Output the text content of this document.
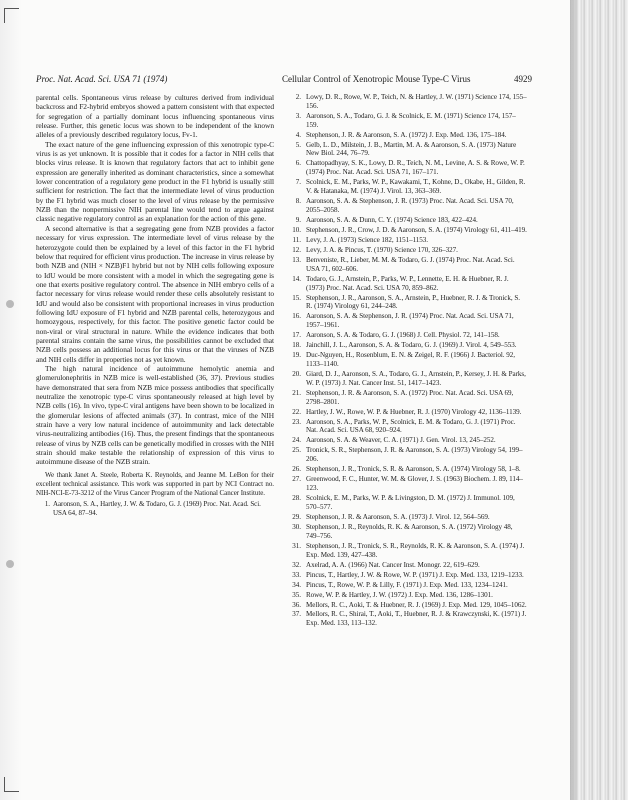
Proc. Nat. Acad. Sci. USA 71 (1974)	Cellular Control of Xenotropic Mouse Type-C Virus	4929

parental cells. Spontaneous virus release by cultures derived from individual backcross and F2-hybrid embryos showed a pattern consistent with that expected for segregation of a partially dominant locus influencing spontaneous virus release. Further, this genetic locus was shown to be independent of the known alleles of a previously described regulatory locus, Fv-1.

The exact nature of the gene influencing expression of this xenotropic type-C virus is as yet unknown. It is possible that it codes for a factor in NIH cells that blocks virus release. It is known that regulatory factors that act to inhibit gene expression are generally inherited as dominant characteristics, since a somewhat lower concentration of a regulatory gene product in the F1 hybrid is usually still sufficient for restriction. The fact that the intermediate level of virus production by the F1 hybrid was much closer to the level of virus release by the permissive NZB than the nonpermissive NIH parental line would tend to argue against classic negative regulatory control as an explanation for the action of this gene.

A second alternative is that a segregating gene from NZB provides a factor necessary for virus expression. The intermediate level of virus release by the heterozygote could then be explained by a level of this factor in the F1 hybrid below that required for efficient virus production. The increase in virus release by both NZB and (NIH × NZB)F1 hybrid but not by NIH cells following exposure to IdU would be more consistent with a model in which the segregating gene is one that exerts positive regulatory control. The absence in NIH embryo cells of a factor necessary for virus release would render these cells absolutely resistant to IdU and would also be consistent with proportional increases in virus production following IdU exposure of F1 hybrid and NZB parental cells, heterozygous and homozygous, respectively, for this factor. The positive genetic factor could be non-viral or viral structural in nature. While the evidence indicates that both parental strains contain the same virus, the possibilities cannot be excluded that NZB cells possess an additional locus for this virus or that the viruses of NZB and NIH cells differ in properties not as yet known.

The high natural incidence of autoimmune hemolytic anemia and glomerulonephritis in NZB mice is well-established (36, 37). Previous studies have demonstrated that sera from NZB mice possess antibodies that specifically neutralize the xenotropic type-C virus spontaneously released at high level by NZB cells (16). In vivo, type-C viral antigens have been shown to be localized in the glomerular lesions of affected animals (37). In contrast, mice of the NIH strain have a very low natural incidence of autoimmunity and lack detectable virus-neutralizing antibodies (16). Thus, the present findings that the spontaneous release of virus by NZB cells can be genetically modified in crosses with the NIH strain should make testable the relationship of expression of this virus to autoimmune disease of the NZB strain.

We thank Janet A. Steele, Roberta K. Reynolds, and Jeanne M. LeBon for their excellent technical assistance. This work was supported in part by NCI Contract no. NIH-NCI-E-73-3212 of the Virus Cancer Program of the National Cancer Institute.

1. Aaronson, S. A., Hartley, J. W. & Todaro, G. J. (1969) Proc. Nat. Acad. Sci. USA 64, 87–94.
2. Lowy, D. R., Rowe, W. P., Teich, N. & Hartley, J. W. (1971) Science 174, 155–156.
3. Aaronson, S. A., Todaro, G. J. & Scolnick, E. M. (1971) Science 174, 157–159.
4. Stephenson, J. R. & Aaronson, S. A. (1972) J. Exp. Med. 136, 175–184.
5. Gelb, L. D., Milstein, J. B., Martin, M. A. & Aaronson, S. A. (1973) Nature New Biol. 244, 76–79.
6. Chattopadhyay, S. K., Lowy, D. R., Teich, N. M., Levine, A. S. & Rowe, W. P. (1974) Proc. Nat. Acad. Sci. USA 71, 167–171.
7. Scolnick, E. M., Parks, W. P., Kawakami, T., Kohne, D., Okabe, H., Gilden, R. V. & Hatanaka, M. (1974) J. Virol. 13, 363–369.
8. Aaronson, S. A. & Stephenson, J. R. (1973) Proc. Nat. Acad. Sci. USA 70, 2055–2058.
9. Aaronson, S. A. & Dunn, C. Y. (1974) Science 183, 422–424.
10. Stephenson, J. R., Crow, J. D. & Aaronson, S. A. (1974) Virology 61, 411–419.
11. Levy, J. A. (1973) Science 182, 1151–1153.
12. Levy, J. A. & Pincus, T. (1970) Science 170, 326–327.
13. Benveniste, R., Lieber, M. M. & Todaro, G. J. (1974) Proc. Nat. Acad. Sci. USA 71, 602–606.
14. Todaro, G. J., Arnstein, P., Parks, W. P., Lennette, E. H. & Huebner, R. J. (1973) Proc. Nat. Acad. Sci. USA 70, 859–862.
15. Stephenson, J. R., Aaronson, S. A., Arnstein, P., Huebner, R. J. & Tronick, S. R. (1974) Virology 61, 244–248.
16. Aaronson, S. A. & Stephenson, J. R. (1974) Proc. Nat. Acad. Sci. USA 71, 1957–1961.
17. Aaronson, S. A. & Todaro, G. J. (1968) J. Cell. Physiol. 72, 141–158.
18. Jainchill, J. L., Aaronson, S. A. & Todaro, G. J. (1969) J. Virol. 4, 549–553.
19. Duc-Nguyen, H., Rosenblum, E. N. & Zeigel, R. F. (1966) J. Bacteriol. 92, 1133–1140.
20. Giard, D. J., Aaronson, S. A., Todaro, G. J., Arnstein, P., Kersey, J. H. & Parks, W. P. (1973) J. Nat. Cancer Inst. 51, 1417–1423.
21. Stephenson, J. R. & Aaronson, S. A. (1972) Proc. Nat. Acad. Sci. USA 69, 2798–2801.
22. Hartley, J. W., Rowe, W. P. & Huebner, R. J. (1970) Virology 42, 1136–1139.
23. Aaronson, S. A., Parks, W. P., Scolnick, E. M. & Todaro, G. J. (1971) Proc. Nat. Acad. Sci. USA 68, 920–924.
24. Aaronson, S. A. & Weaver, C. A. (1971) J. Gen. Virol. 13, 245–252.
25. Tronick, S. R., Stephenson, J. R. & Aaronson, S. A. (1973) Virology 54, 199–206.
26. Stephenson, J. R., Tronick, S. R. & Aaronson, S. A. (1974) Virology 58, 1–8.
27. Greenwood, F. C., Hunter, W. M. & Glover, J. S. (1963) Biochem. J. 89, 114–123.
28. Scolnick, E. M., Parks, W. P. & Livingston, D. M. (1972) J. Immunol. 109, 570–577.
29. Stephenson, J. R. & Aaronson, S. A. (1973) J. Virol. 12, 564–569.
30. Stephenson, J. R., Reynolds, R. K. & Aaronson, S. A. (1972) Virology 48, 749–756.
31. Stephenson, J. R., Tronick, S. R., Reynolds, R. K. & Aaronson, S. A. (1974) J. Exp. Med. 139, 427–438.
32. Axelrad, A. A. (1966) Nat. Cancer Inst. Monogr. 22, 619–629.
33. Pincus, T., Hartley, J. W. & Rowe, W. P. (1971) J. Exp. Med. 133, 1219–1233.
34. Pincus, T., Rowe, W. P. & Lilly, F. (1971) J. Exp. Med. 133, 1234–1241.
35. Rowe, W. P. & Hartley, J. W. (1972) J. Exp. Med. 136, 1286–1301.
36. Mellors, R. C., Aoki, T. & Huebner, R. J. (1969) J. Exp. Med. 129, 1045–1062.
37. Mellors, R. C., Shirai, T., Aoki, T., Huebner, R. J. & Krawczynski, K. (1971) J. Exp. Med. 133, 113–132.
